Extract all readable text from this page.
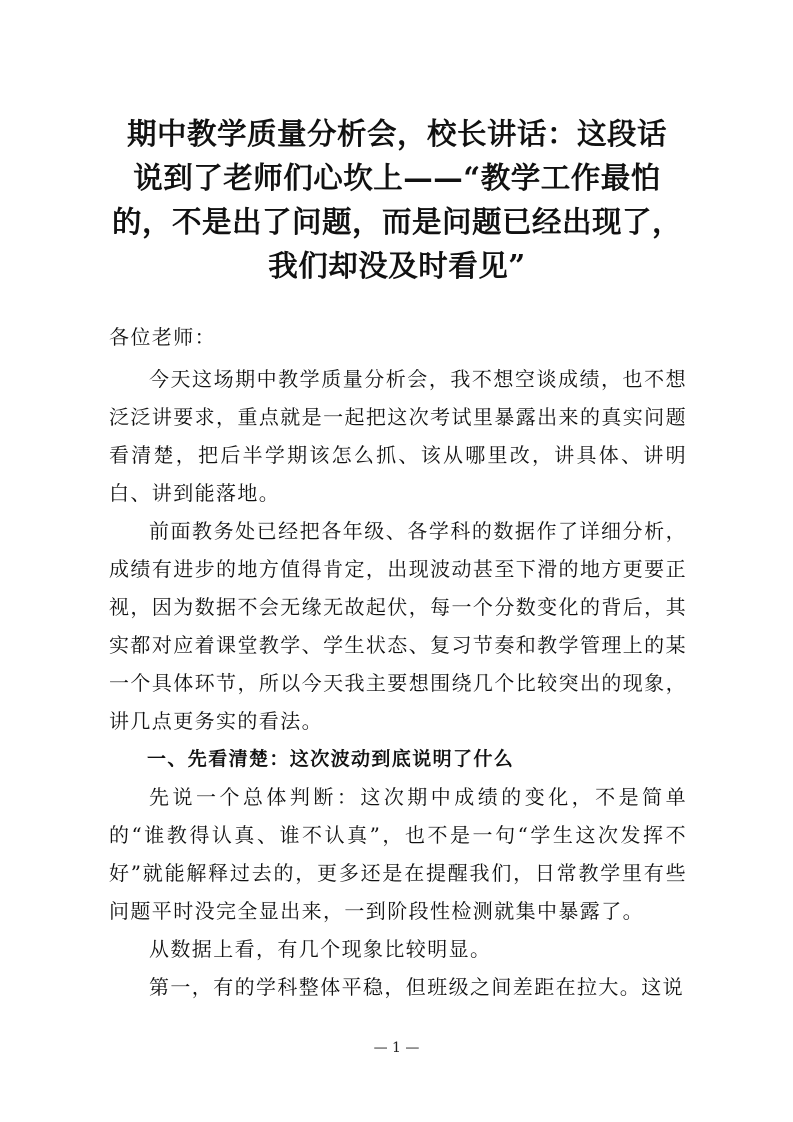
期中教学质量分析会，校长讲话：这段话
说到了老师们心坎上——“教学工作最怕
的，不是出了问题，而是问题已经出现了，
我们却没及时看见”

各位老师：

今天这场期中教学质量分析会，我不想空谈成绩，也不想泛泛讲要求，重点就是一起把这次考试里暴露出来的真实问题看清楚，把后半学期该怎么抓、该从哪里改，讲具体、讲明白、讲到能落地。

前面教务处已经把各年级、各学科的数据作了详细分析，成绩有进步的地方值得肯定，出现波动甚至下滑的地方更要正视，因为数据不会无缘无故起伏，每一个分数变化的背后，其实都对应着课堂教学、学生状态、复习节奏和教学管理上的某一个具体环节，所以今天我主要想围绕几个比较突出的现象，讲几点更务实的看法。

一、先看清楚：这次波动到底说明了什么

先说一个总体判断：这次期中成绩的变化，不是简单的“谁教得认真、谁不认真”，也不是一句“学生这次发挥不好”就能解释过去的，更多还是在提醒我们，日常教学里有些问题平时没完全显出来，一到阶段性检测就集中暴露了。

从数据上看，有几个现象比较明显。

第一，有的学科整体平稳，但班级之间差距在拉大。这说

— 1 —
